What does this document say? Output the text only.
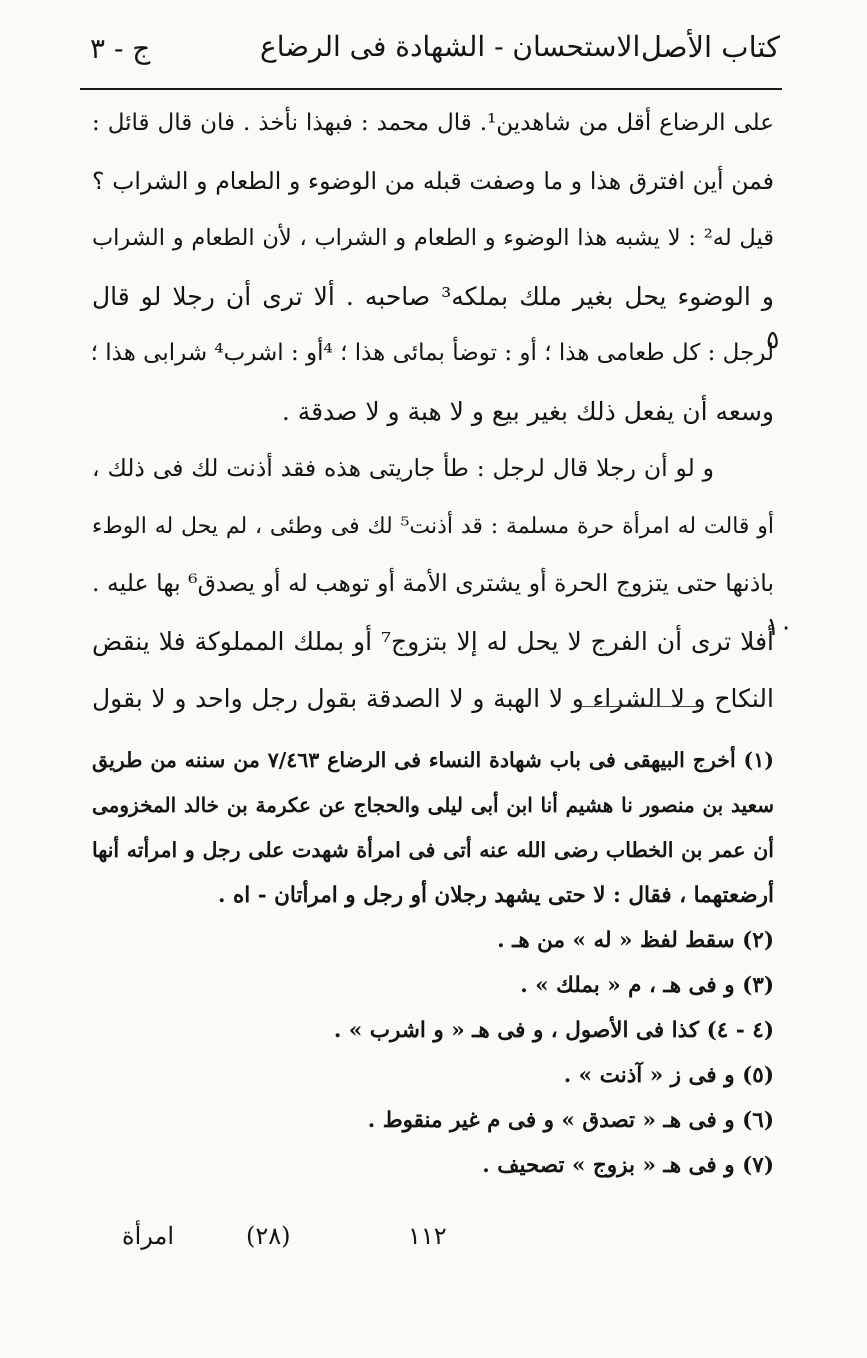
كتاب الأصل
الاستحسان - الشهادة فى الرضاع
ج - ٣
على الرضاع أقل من شاهدين¹. قال محمد : فبهذا نأخذ . فان قال قائل :
فمن أين افترق هذا و ما وصفت قبله من الوضوء و الطعام و الشراب ؟
قيل له² : لا يشبه هذا الوضوء و الطعام و الشراب ، لأن الطعام و الشراب
و الوضوء يحل بغير ملك بملكه³ صاحبه . ألا ترى أن رجلا لو قال
لرجل : كل طعامى هذا ؛ أو : توضأ بمائى هذا ؛ ⁴أو : اشرب⁴ شرابى هذا ؛
وسعه أن يفعل ذلك بغير بيع و لا هبة و لا صدقة .
و لو أن رجلا قال لرجل : طأ جاريتى هذه فقد أذنت لك فى ذلك ،
أو قالت له امرأة حرة مسلمة : قد أذنت⁵ لك فى وطئى ، لم يحل له الوطء
باذنها حتى يتزوج الحرة أو يشترى الأمة أو توهب له أو يصدق⁶ بها عليه .
أفلا ترى أن الفرج لا يحل له إلا بتزوج⁷ أو بملك المملوكة فلا ينقض
النكاح و لا الشراء و لا الهبة و لا الصدقة بقول رجل واحد و لا بقول
٥
١٠
(١) أخرج البيهقى فى باب شهادة النساء فى الرضاع ٧/٤٦٣ من سننه من طريق
سعيد بن منصور نا هشيم أنا ابن أبى ليلى والحجاج عن عكرمة بن خالد المخزومى
أن عمر بن الخطاب رضى الله عنه أتى فى امرأة شهدت على رجل و امرأته أنها
أرضعتهما ، فقال : لا حتى يشهد رجلان أو رجل و امرأتان - اه .
(٢) سقط لفظ « له » من هـ .
(٣) و فى هـ ، م « بملك » .
(٤ - ٤) كذا فى الأصول ، و فى هـ « و اشرب » .
(٥) و فى ز « آذنت » .
(٦) و فى هـ « تصدق » و فى م غير منقوط .
(٧) و فى هـ « بزوج » تصحيف .
امرأة	(٢٨)	١١٢
